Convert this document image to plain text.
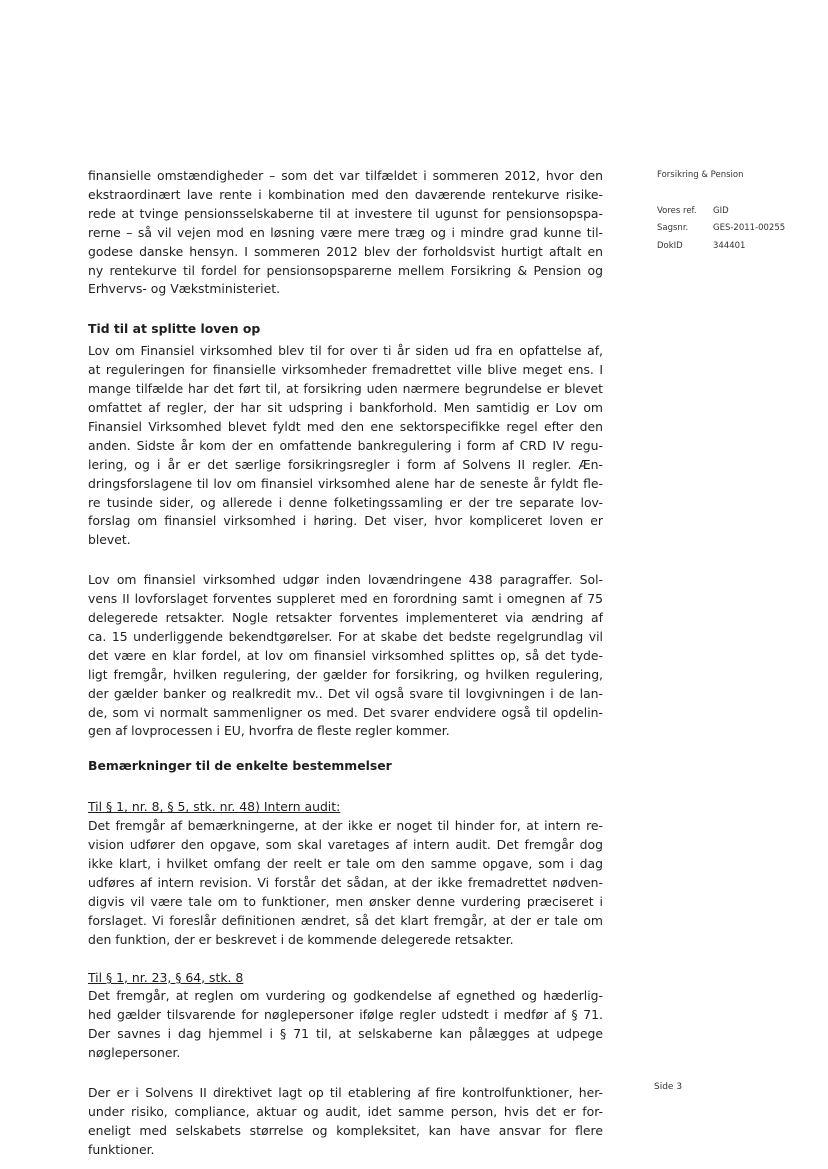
Forsikring & Pension
Vores ref.	GID
Sagsnr.	GES-2011-00255
DokID	344401
finansielle omstændigheder – som det var tilfældet i sommeren 2012, hvor den
ekstraordinært lave rente i kombination med den daværende rentekurve risike-
rede at tvinge pensionsselskaberne til at investere til ugunst for pensionsopspa-
rerne – så vil vejen mod en løsning være mere træg og i mindre grad kunne til-
godese danske hensyn. I sommeren 2012 blev der forholdsvist hurtigt aftalt en
ny rentekurve til fordel for pensionsopsparerne mellem Forsikring & Pension og
Erhvervs- og Vækstministeriet.
Tid til at splitte loven op
Lov om Finansiel virksomhed blev til for over ti år siden ud fra en opfattelse af,
at reguleringen for finansielle virksomheder fremadrettet ville blive meget ens. I
mange tilfælde har det ført til, at forsikring uden nærmere begrundelse er blevet
omfattet af regler, der har sit udspring i bankforhold. Men samtidig er Lov om
Finansiel Virksomhed blevet fyldt med den ene sektorspecifikke regel efter den
anden. Sidste år kom der en omfattende bankregulering i form af CRD IV regu-
lering, og i år er det særlige forsikringsregler i form af Solvens II regler. Æn-
dringsforslagene til lov om finansiel virksomhed alene har de seneste år fyldt fle-
re tusinde sider, og allerede i denne folketingssamling er der tre separate lov-
forslag om finansiel virksomhed i høring. Det viser, hvor kompliceret loven er
blevet.
Lov om finansiel virksomhed udgør inden lovændringene 438 paragraffer. Sol-
vens II lovforslaget forventes suppleret med en forordning samt i omegnen af 75
delegerede retsakter. Nogle retsakter forventes implementeret via ændring af
ca. 15 underliggende bekendtgørelser. For at skabe det bedste regelgrundlag vil
det være en klar fordel, at lov om finansiel virksomhed splittes op, så det tyde-
ligt fremgår, hvilken regulering, der gælder for forsikring, og hvilken regulering,
der gælder banker og realkredit mv.. Det vil også svare til lovgivningen i de lan-
de, som vi normalt sammenligner os med. Det svarer endvidere også til opdelin-
gen af lovprocessen i EU, hvorfra de fleste regler kommer.
Bemærkninger til de enkelte bestemmelser
Til § 1, nr. 8, § 5, stk. nr. 48) Intern audit:
Det fremgår af bemærkningerne, at der ikke er noget til hinder for, at intern re-
vision udfører den opgave, som skal varetages af intern audit. Det fremgår dog
ikke klart, i hvilket omfang der reelt er tale om den samme opgave, som i dag
udføres af intern revision. Vi forstår det sådan, at der ikke fremadrettet nødven-
digvis vil være tale om to funktioner, men ønsker denne vurdering præciseret i
forslaget. Vi foreslår definitionen ændret, så det klart fremgår, at der er tale om
den funktion, der er beskrevet i de kommende delegerede retsakter.
Til § 1, nr. 23, § 64, stk. 8
Det fremgår, at reglen om vurdering og godkendelse af egnethed og hæderlig-
hed gælder tilsvarende for nøglepersoner ifølge regler udstedt i medfør af § 71.
Der savnes i dag hjemmel i § 71 til, at selskaberne kan pålægges at udpege
nøglepersoner.
Der er i Solvens II direktivet lagt op til etablering af fire kontrolfunktioner, her-
under risiko, compliance, aktuar og audit, idet samme person, hvis det er for-
eneligt med selskabets størrelse og kompleksitet, kan have ansvar for flere
funktioner.
Side 3
